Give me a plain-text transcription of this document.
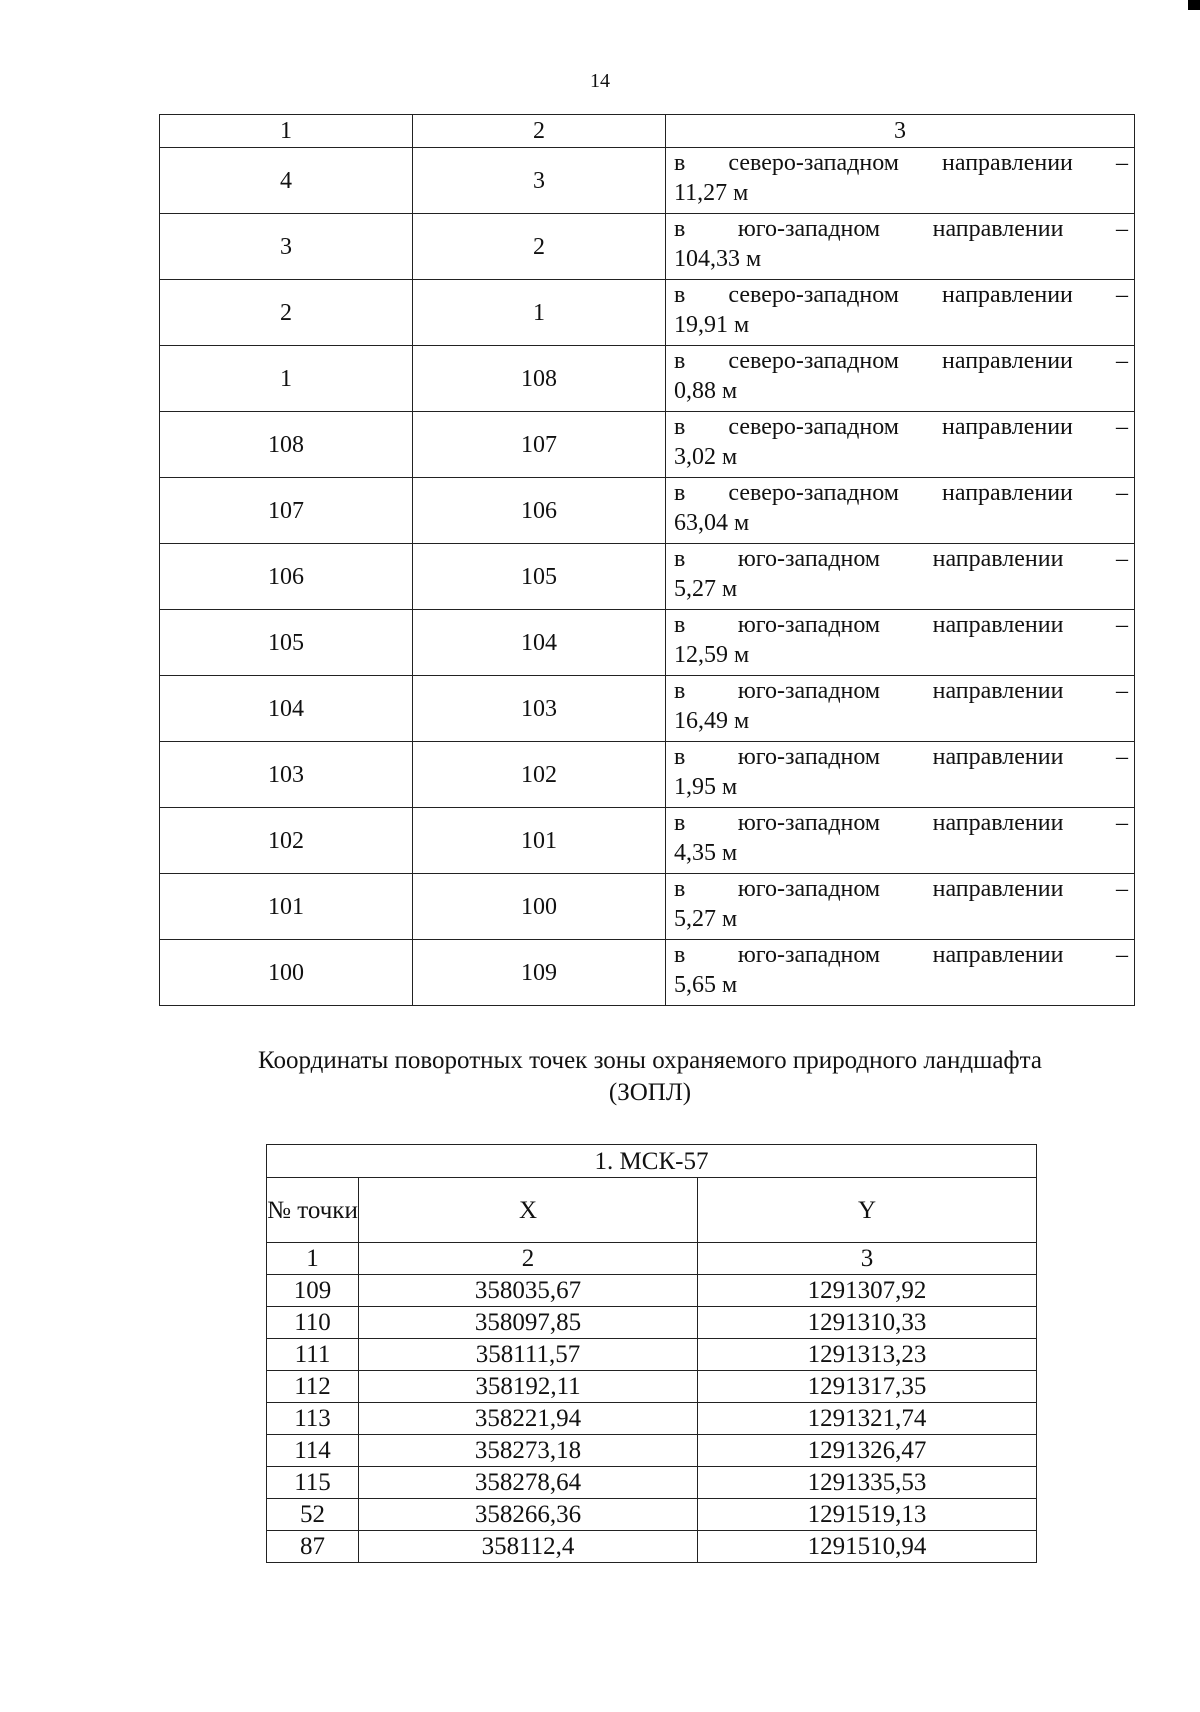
14
1	2	3
4	3	в северо-западном направлении –
11,27 м

3	2	в юго-западном направлении –
104,33 м

2	1	в северо-западном направлении –
19,91 м

1	108	в северо-западном направлении –
0,88 м

108	107	в северо-западном направлении –
3,02 м

107	106	в северо-западном направлении –
63,04 м

106	105	в юго-западном направлении –
5,27 м

105	104	в юго-западном направлении –
12,59 м

104	103	в юго-западном направлении –
16,49 м

103	102	в юго-западном направлении –
1,95 м

102	101	в юго-западном направлении –
4,35 м

101	100	в юго-западном направлении –
5,27 м

100	109	в юго-западном направлении –
5,65 м
Координаты поворотных точек зоны охраняемого природного ландшафта
(ЗОПЛ)
1. МСК-57		
№ точки	X	Y
1	2	3
109	358035,67	1291307,92
110	358097,85	1291310,33
111	358111,57	1291313,23
112	358192,11	1291317,35
113	358221,94	1291321,74
114	358273,18	1291326,47
115	358278,64	1291335,53
52	358266,36	1291519,13
87	358112,4	1291510,94
